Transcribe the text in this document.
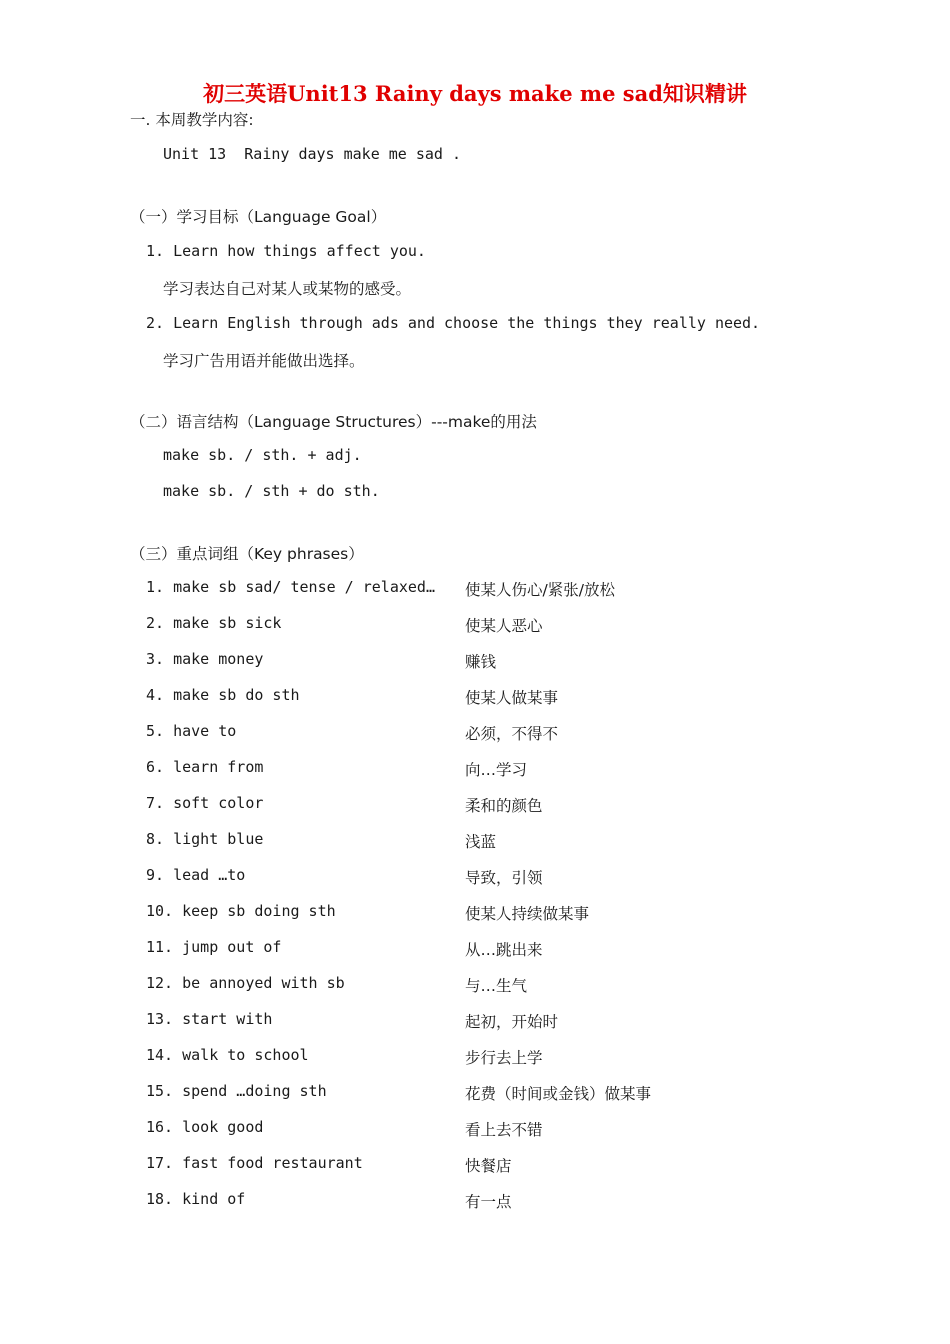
初三英语Unit13 Rainy days make me sad知识精讲
一. 本周教学内容:
Unit 13  Rainy days make me sad .
（一）学习目标（Language Goal）
1. Learn how things affect you.
学习表达自己对某人或某物的感受。
2. Learn English through ads and choose the things they really need.
学习广告用语并能做出选择。
（二）语言结构（Language Structures）---make的用法
make sb. / sth. + adj.
make sb. / sth + do sth.
（三）重点词组（Key phrases）
1. make sb sad/ tense / relaxed… 使某人伤心/紧张/放松
2. make sb sick	使某人恶心
3. make money	赚钱
4. make sb do sth	使某人做某事
5. have to	必须，不得不
6. learn from	向…学习
7. soft color	柔和的颜色
8. light blue	浅蓝
9. lead …to	导致，引领
10. keep sb doing sth	使某人持续做某事
11. jump out of	从…跳出来
12. be annoyed with sb	与…生气
13. start with	起初，开始时
14. walk to school	步行去上学
15. spend …doing sth	花费（时间或金钱）做某事
16. look good	看上去不错
17. fast food restaurant	快餐店
18. kind of	有一点
